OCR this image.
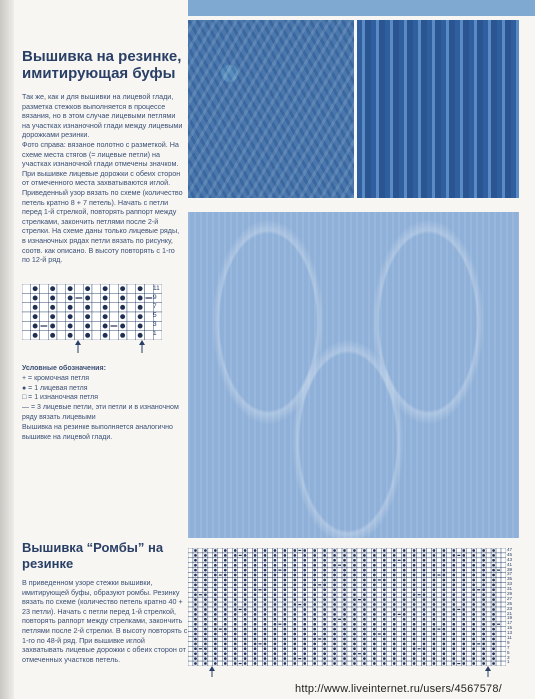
Вышивка на резинке,
имитирующая буфы

Так же, как и для вышивки на лицевой глади, разметка стежков выполняется в процессе вязания, но в этом случае лицевыми петлями на участках изнаночной глади между лицевыми дорожками резинки.

Фото справа: вязаное полотно с разметкой. На схеме места стягов (= лицевые петли) на участках изнаночной глади отмечены значком. При вышивке лицевые дорожки с обеих сторон от отмеченного места захватываются иглой.

Приведенный узор вязать по схеме (количество петель кратно 8 + 7 петель). Начать с петли перед 1-й стрелкой, повторять раппорт между стрелками, закончить петлями после 2-й стрелки. На схеме даны только лицевые ряды, в изнаночных рядах петли вязать по рисунку, соотв. как описано. В высоту повторять с 1-го по 12-й ряд.

11
9
7
5
3
1
Условные обозначения:
+ = кромочная петля
● = 1 лицевая петля
□ = 1 изнаночная петля
— = 3 лицевые петли, эти петли и в изнаночном ряду вязать лицевыми
Вышивка на резинке выполняется аналогично вышивке на лицевой глади.
Вышивка “Ромбы” на
резинке

В приведенном узоре стежки вышивки, имитирующей буфы, образуют ромбы. Резинку вязать по схеме (количество петель кратно 40 + 23 петли). Начать с петли перед 1-й стрелкой, повторять раппорт между стрелками, закончить петлями после 2-й стрелки. В высоту повторять с 1-го по 48-й ряд. При вышивке иглой захватывать лицевые дорожки с обеих сторон от отмеченных участков петель.

47
45
43
41
39
37
35
33
31
29
27
25
23
21
19
17
15
13
11
9
7
5
3
1
http://www.liveinternet.ru/users/4567578/
